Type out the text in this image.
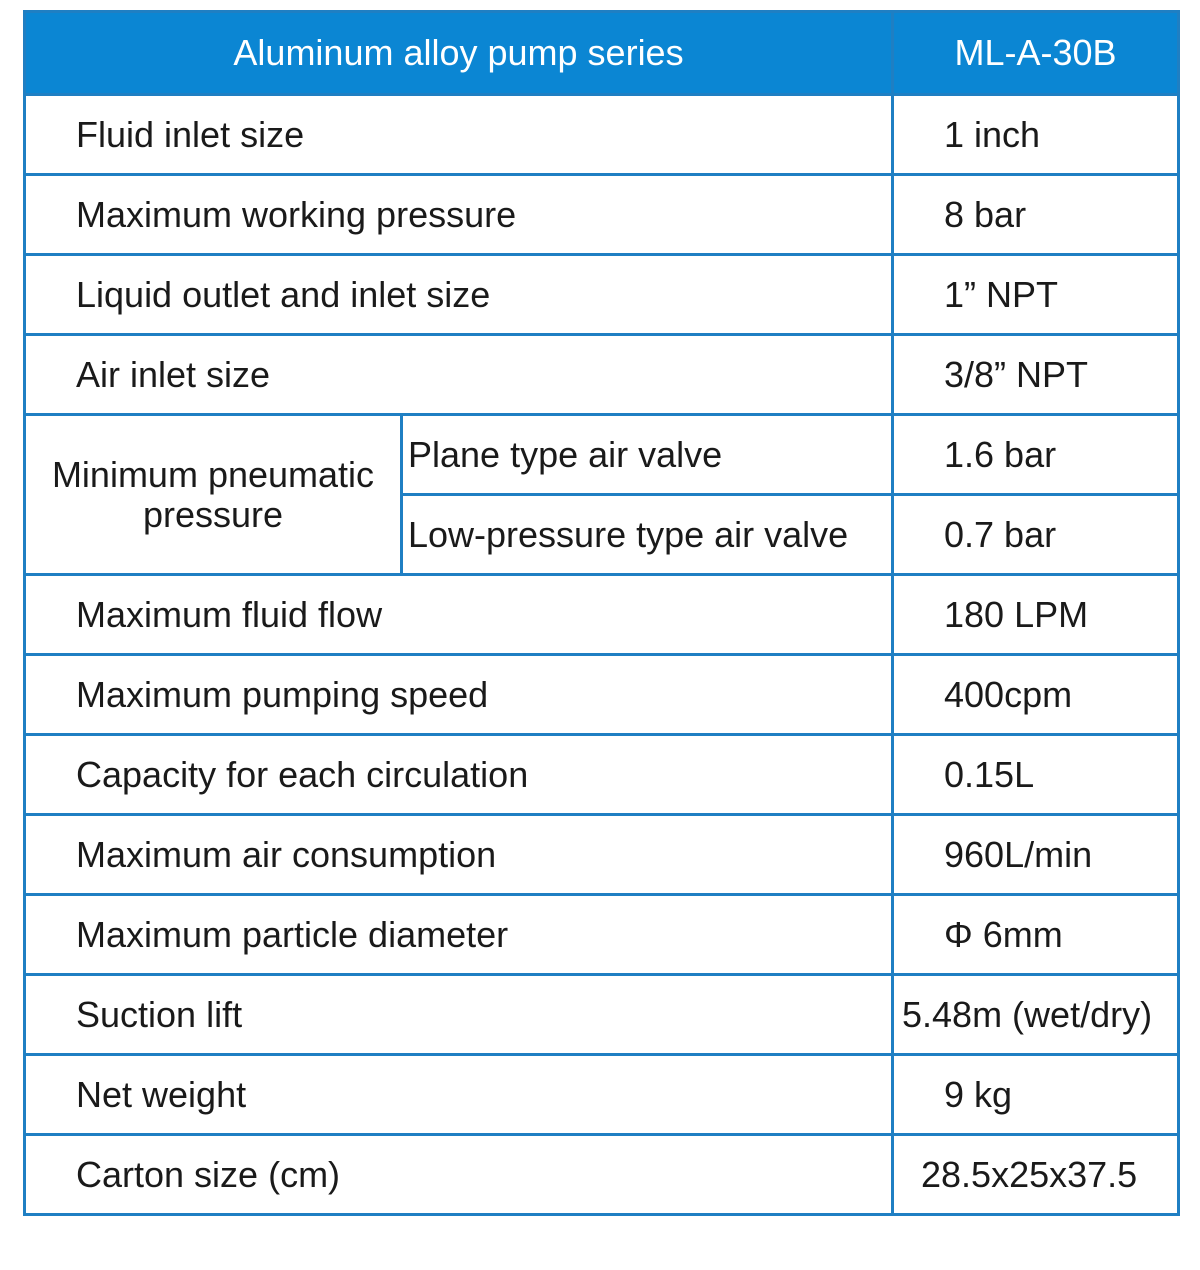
Aluminum alloy pump series		ML-A-30B
Fluid inlet size		1 inch
Maximum working pressure		8 bar
Liquid outlet and inlet size		1” NPT
Air inlet size		3/8” NPT
Minimum pneumatic
pressure	Plane type air valve	1.6 bar
	Low-pressure type air valve	0.7 bar
Maximum fluid flow		180 LPM
Maximum pumping speed		400cpm
Capacity for each circulation		0.15L
Maximum air consumption		960L/min
Maximum particle diameter		Φ 6mm
Suction lift		5.48m (wet/dry)
Net weight		9 kg
Carton size (cm)		28.5x25x37.5
